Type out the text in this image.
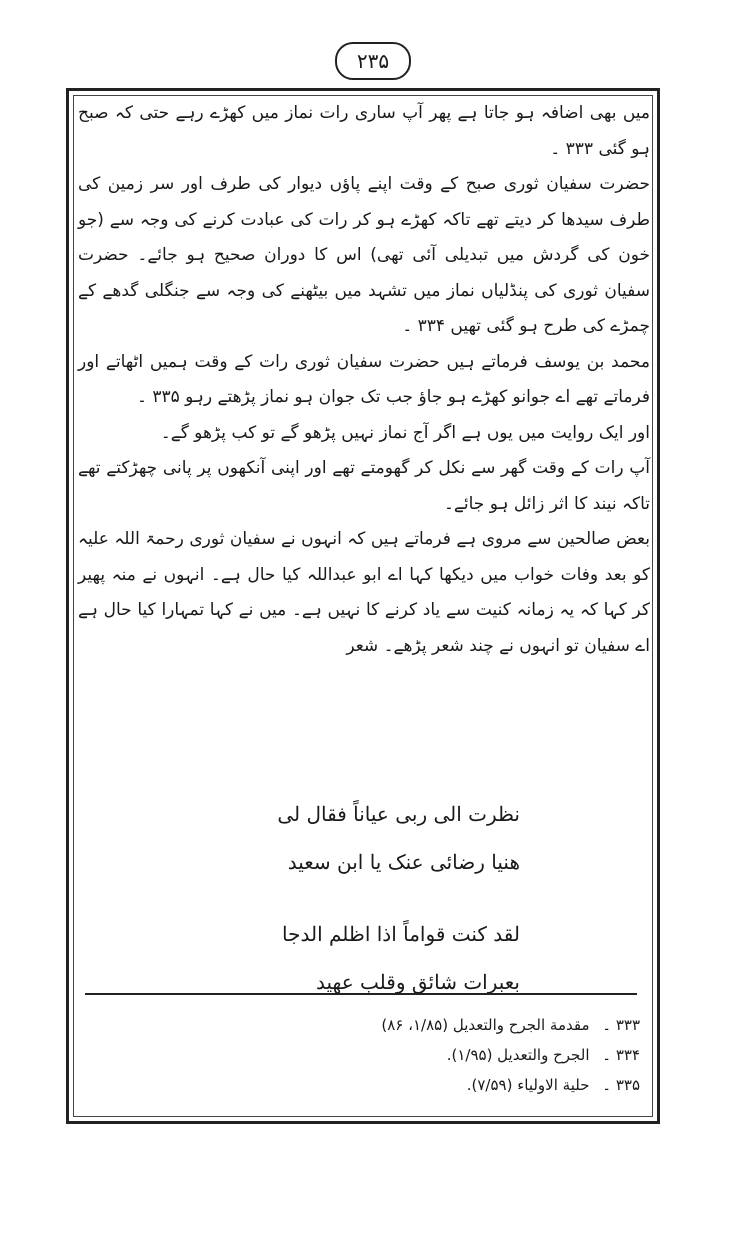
۲۳۵

میں بھی اضافہ ہو جاتا ہے پھر آپ ساری رات نماز میں کھڑے رہے حتی کہ صبح ہو گئی ۳۳۳ ۔

حضرت سفیان ثوری صبح کے وقت اپنے پاؤں دیوار کی طرف اور سر زمین کی طرف سیدھا کر دیتے تھے تاکہ کھڑے ہو کر رات کی عبادت کرنے کی وجہ سے (جو خون کی گردش میں تبدیلی آئی تھی) اس کا دوران صحیح ہو جائے۔ حضرت سفیان ثوری کی پنڈلیاں نماز میں تشہد میں بیٹھنے کی وجہ سے جنگلی گدھے کے چمڑے کی طرح ہو گئی تھیں ۳۳۴ ۔

محمد بن یوسف فرماتے ہیں حضرت سفیان ثوری رات کے وقت ہمیں اٹھاتے اور فرماتے تھے اے جوانو کھڑے ہو جاؤ جب تک جوان ہو نماز پڑھتے رہو ۳۳۵ ۔

اور ایک روایت میں یوں ہے اگر آج نماز نہیں پڑھو گے تو کب پڑھو گے۔

آپ رات کے وقت گھر سے نکل کر گھومتے تھے اور اپنی آنکھوں پر پانی چھڑکتے تھے تاکہ نیند کا اثر زائل ہو جائے۔

بعض صالحین سے مروی ہے فرماتے ہیں کہ انہوں نے سفیان ثوری رحمۃ اللہ علیہ کو بعد وفات خواب میں دیکھا کہا اے ابو عبداللہ کیا حال ہے۔ انہوں نے منہ پھیر کر کہا کہ یہ زمانہ کنیت سے یاد کرنے کا نہیں ہے۔ میں نے کہا تمہارا کیا حال ہے اے سفیان تو انہوں نے چند شعر پڑھے۔ شعر

نظرت الی ربی عیاناً فقال لی
هنیا رضائی عنک یا ابن سعید
لقد کنت قواماً اذا اظلم الدجا
بعبرات شائق وقلب عهید
۳۳۳ ۔ مقدمة الجرح والتعدیل (۱/۸۵، ۸۶)
۳۳۴ ۔ الجرح والتعدیل (۱/۹۵).
۳۳۵ ۔ حلیة الاولیاء (۷/۵۹).
